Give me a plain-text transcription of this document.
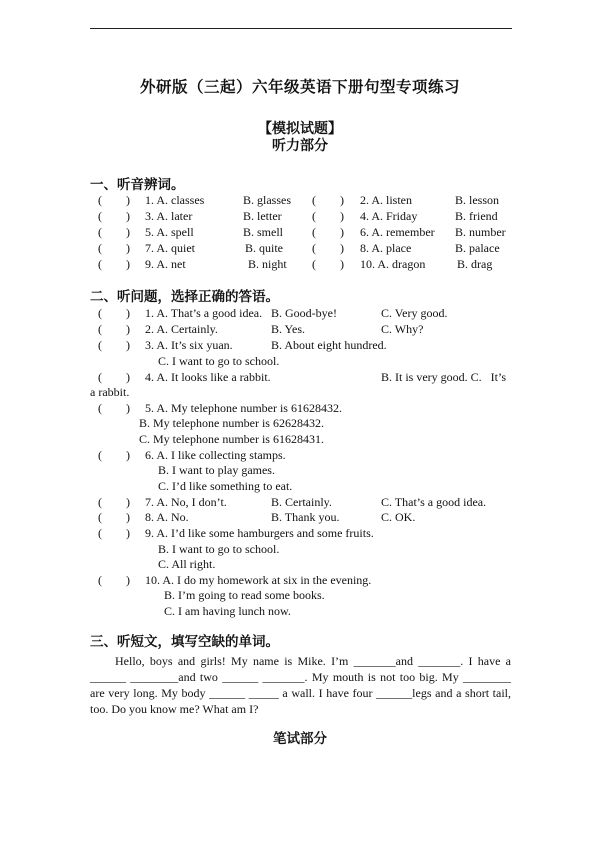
外研版（三起）六年级英语下册句型专项练习
【模拟试题】
听力部分
一、听音辨词。
(　　) 1. A. classes	B. glasses (　　) 2. A. listen	B. lesson
(　　) 3. A. later	B. letter	(　　) 4. A. Friday	B. friend
(　　) 5. A. spell	B. smell (　　) 6. A. remember B. number
(　　) 7. A. quiet	B. quite (　　) 8. A. place	B. palace
(　　) 9. A. net	B. night (　　) 10. A. dragon	B. drag
二、听问题，选择正确的答语。
(　　) 1. A. That’s a good idea. B. Good-bye!	C. Very good.
(　　) 2. A. Certainly.	B. Yes.	C. Why?
(　　) 3. A. It’s six yuan.	B. About eight hundred.
C. I want to go to school.
(　　) 4. A. It looks like a rabbit.	B. It is very good. C.   It’s
a rabbit.
(　　) 5. A. My telephone number is 61628432.
B. My telephone number is 62628432.
C. My telephone number is 61628431.
(　　) 6. A. I like collecting stamps.
B. I want to play games.
C. I’d like something to eat.
(　　) 7. A. No, I don’t.	B. Certainly.	C. That’s a good idea.
(　　) 8. A. No.	B. Thank you.	C. OK.
(　　) 9. A. I’d like some hamburgers and some fruits.
B. I want to go to school.
C. All right.
(　　) 10. A. I do my homework at six in the evening.
B. I’m going to read some books.
C. I am having lunch now.
三、听短文，填写空缺的单词。
Hello, boys and girls! My name is Mike. I’m _______and _______. I have a ______ ________and two ______ _______. My mouth is not too big. My ________ are very long. My body ______ _____ a wall. I have four ______legs and a short tail, too. Do you know me? What am I?
笔试部分
